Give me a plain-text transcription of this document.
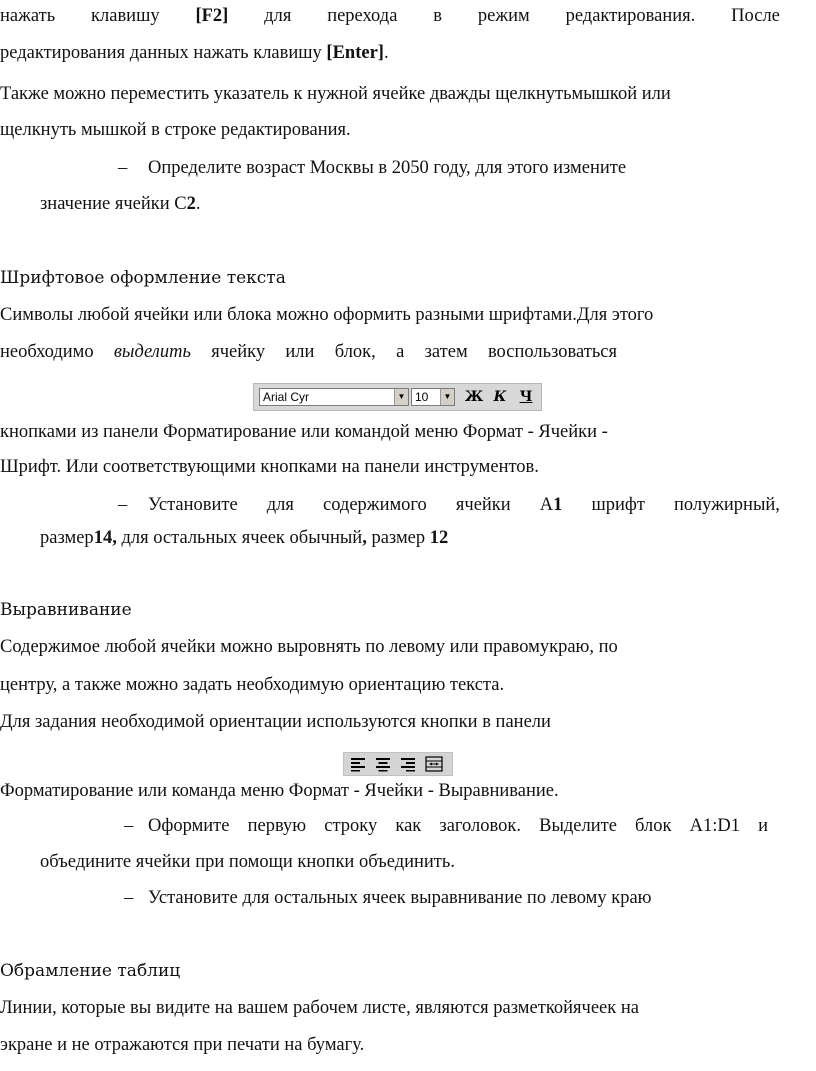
нажать клавишу [F2] для перехода в режим редактирования. После
редактирования данных нажать клавишу [Enter].
Также можно переместить указатель к нужной ячейке дважды щелкнутьмышкой или
щелкнуть мышкой в строке редактирования.
– Определите возраст Москвы в 2050 году, для этого измените
значение ячейки С2.
Шрифтовое оформление текста
Символы любой ячейки или блока можно оформить разными шрифтами.Для этого
необходимо выделить ячейку или блок, а затем воспользоваться
Arial Cyr	▼ 10	▼ Ж К Ч
кнопками из панели Форматирование или командой меню Формат - Ячейки -
Шрифт. Или соответствующими кнопками на панели инструментов.
– Установите для содержимого ячейки А1 шрифт полужирный,
размер14, для остальных ячеек обычный, размер 12
Выравнивание
Содержимое любой ячейки можно выровнять по левому или правомукраю, по
центру, а также можно задать необходимую ориентацию текста.
Для задания необходимой ориентации используются кнопки в панели
Форматирование или команда меню Формат - Ячейки - Выравнивание.
– Оформите первую строку как заголовок. Выделите блок А1:D1 и
объедините ячейки при помощи кнопки объединить.
– Установите для остальных ячеек выравнивание по левому краю
Обрамление таблиц
Линии, которые вы видите на вашем рабочем листе, являются разметкойячеек на
экране и не отражаются при печати на бумагу.
